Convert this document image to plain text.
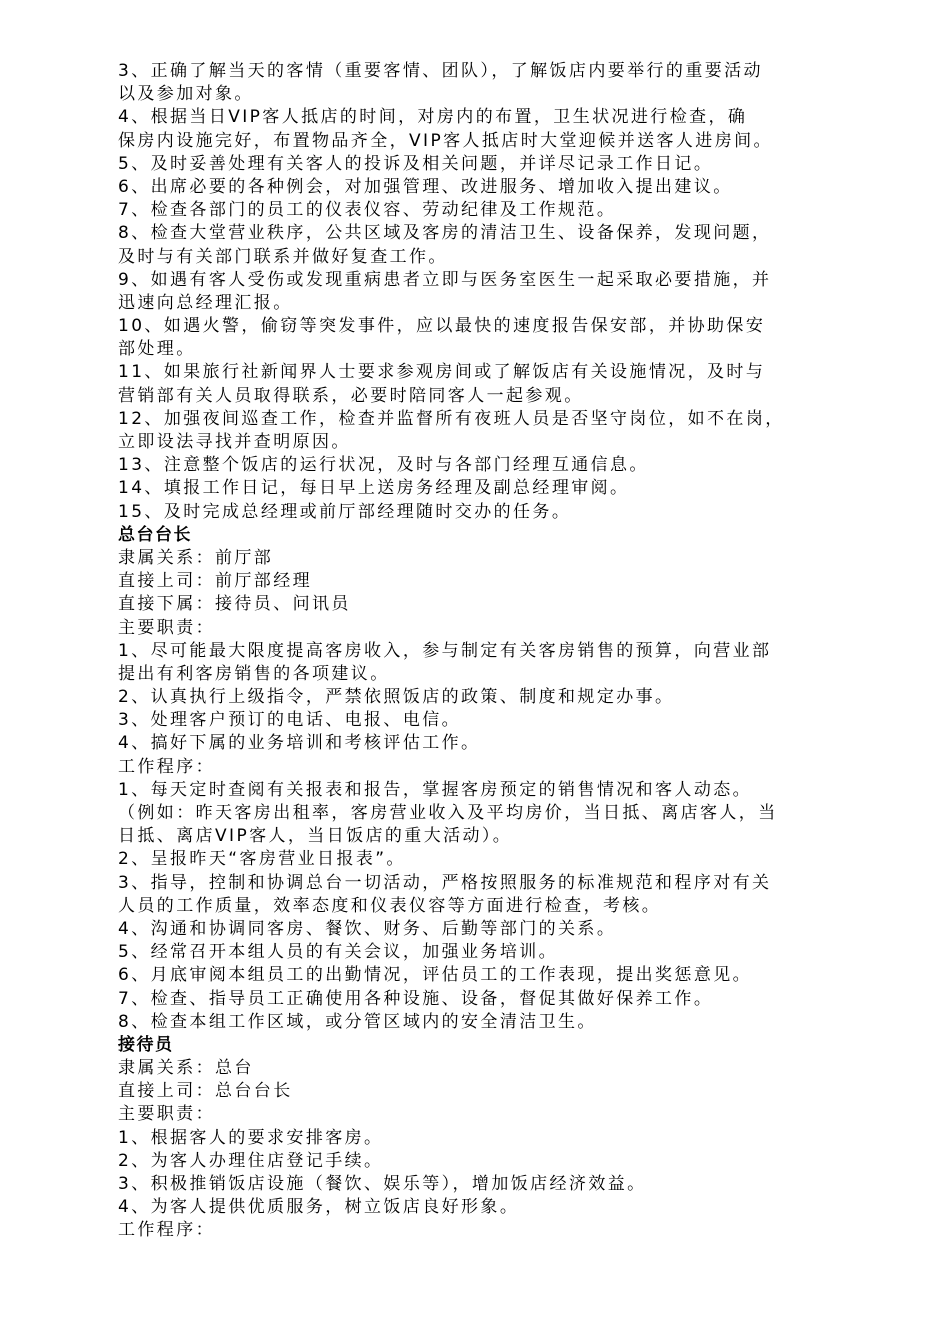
3、正确了解当天的客情（重要客情、团队），了解饭店内要举行的重要活动
以及参加对象。
4、根据当日VIP客人抵店的时间，对房内的布置，卫生状况进行检查，确
保房内设施完好，布置物品齐全，VIP客人抵店时大堂迎候并送客人进房间。
5、及时妥善处理有关客人的投诉及相关问题，并详尽记录工作日记。
6、出席必要的各种例会，对加强管理、改进服务、增加收入提出建议。
7、检查各部门的员工的仪表仪容、劳动纪律及工作规范。
8、检查大堂营业秩序，公共区域及客房的清洁卫生、设备保养，发现问题，
及时与有关部门联系并做好复查工作。
9、如遇有客人受伤或发现重病患者立即与医务室医生一起采取必要措施，并
迅速向总经理汇报。
10、如遇火警，偷窃等突发事件，应以最快的速度报告保安部，并协助保安
部处理。
11、如果旅行社新闻界人士要求参观房间或了解饭店有关设施情况，及时与
营销部有关人员取得联系，必要时陪同客人一起参观。
12、加强夜间巡查工作，检查并监督所有夜班人员是否坚守岗位，如不在岗，
立即设法寻找并查明原因。
13、注意整个饭店的运行状况，及时与各部门经理互通信息。
14、填报工作日记，每日早上送房务经理及副总经理审阅。
15、及时完成总经理或前厅部经理随时交办的任务。
总台台长
隶属关系：前厅部
直接上司：前厅部经理
直接下属：接待员、问讯员
主要职责：
1、尽可能最大限度提高客房收入，参与制定有关客房销售的预算，向营业部
提出有利客房销售的各项建议。
2、认真执行上级指令，严禁依照饭店的政策、制度和规定办事。
3、处理客户预订的电话、电报、电信。
4、搞好下属的业务培训和考核评估工作。
工作程序：
1、每天定时查阅有关报表和报告，掌握客房预定的销售情况和客人动态。
（例如：昨天客房出租率，客房营业收入及平均房价，当日抵、离店客人，当
日抵、离店VIP客人，当日饭店的重大活动）。
2、呈报昨天“客房营业日报表”。
3、指导，控制和协调总台一切活动，严格按照服务的标准规范和程序对有关
人员的工作质量，效率态度和仪表仪容等方面进行检查，考核。
4、沟通和协调同客房、餐饮、财务、后勤等部门的关系。
5、经常召开本组人员的有关会议，加强业务培训。
6、月底审阅本组员工的出勤情况，评估员工的工作表现，提出奖惩意见。
7、检查、指导员工正确使用各种设施、设备，督促其做好保养工作。
8、检查本组工作区域，或分管区域内的安全清洁卫生。
接待员
隶属关系：总台
直接上司：总台台长
主要职责：
1、根据客人的要求安排客房。
2、为客人办理住店登记手续。
3、积极推销饭店设施（餐饮、娱乐等），增加饭店经济效益。
4、为客人提供优质服务，树立饭店良好形象。
工作程序：
